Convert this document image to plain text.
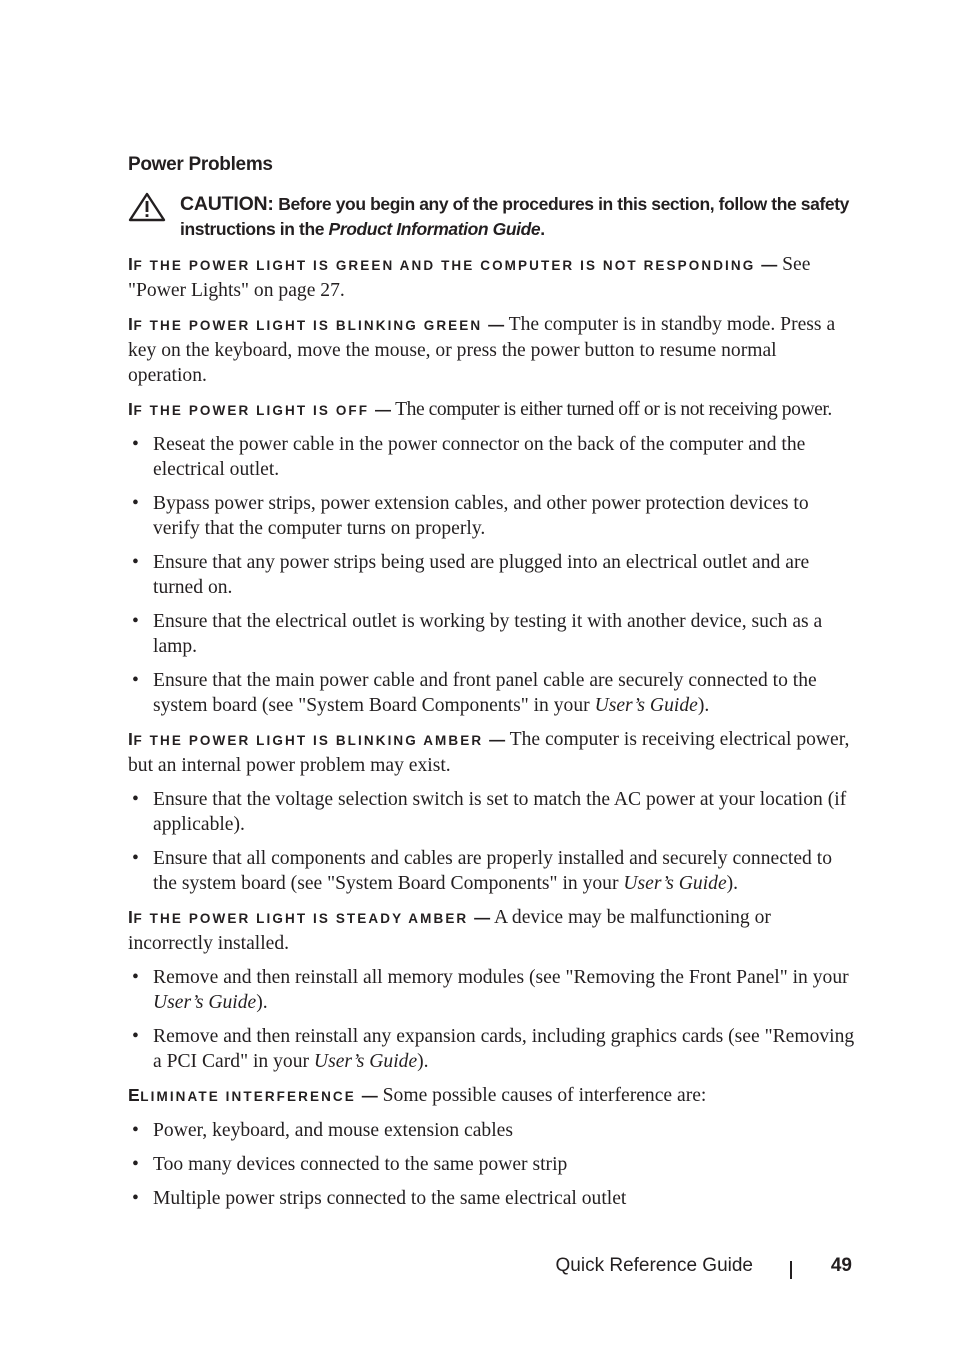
Power Problems
CAUTION: Before you begin any of the procedures in this section, follow the safety instructions in the Product Information Guide.

IF THE POWER LIGHT IS GREEN AND THE COMPUTER IS NOT RESPONDING — See "Power Lights" on page 27.

IF THE POWER LIGHT IS BLINKING GREEN — The computer is in standby mode. Press a key on the keyboard, move the mouse, or press the power button to resume normal operation.

IF THE POWER LIGHT IS OFF — The computer is either turned off or is not receiving power.

• Reseat the power cable in the power connector on the back of the computer and the electrical outlet.
• Bypass power strips, power extension cables, and other power protection devices to verify that the computer turns on properly.
• Ensure that any power strips being used are plugged into an electrical outlet and are turned on.
• Ensure that the electrical outlet is working by testing it with another device, such as a lamp.
• Ensure that the main power cable and front panel cable are securely connected to the system board (see "System Board Components" in your User’s Guide).

IF THE POWER LIGHT IS BLINKING AMBER — The computer is receiving electrical power, but an internal power problem may exist.

• Ensure that the voltage selection switch is set to match the AC power at your location (if applicable).
• Ensure that all components and cables are properly installed and securely connected to the system board (see "System Board Components" in your User’s Guide).

IF THE POWER LIGHT IS STEADY AMBER — A device may be malfunctioning or incorrectly installed.

• Remove and then reinstall all memory modules (see "Removing the Front Panel" in your User’s Guide).
• Remove and then reinstall any expansion cards, including graphics cards (see "Removing a PCI Card" in your User’s Guide).

ELIMINATE INTERFERENCE — Some possible causes of interference are:

• Power, keyboard, and mouse extension cables
• Too many devices connected to the same power strip
• Multiple power strips connected to the same electrical outlet
Quick Reference Guide	49
